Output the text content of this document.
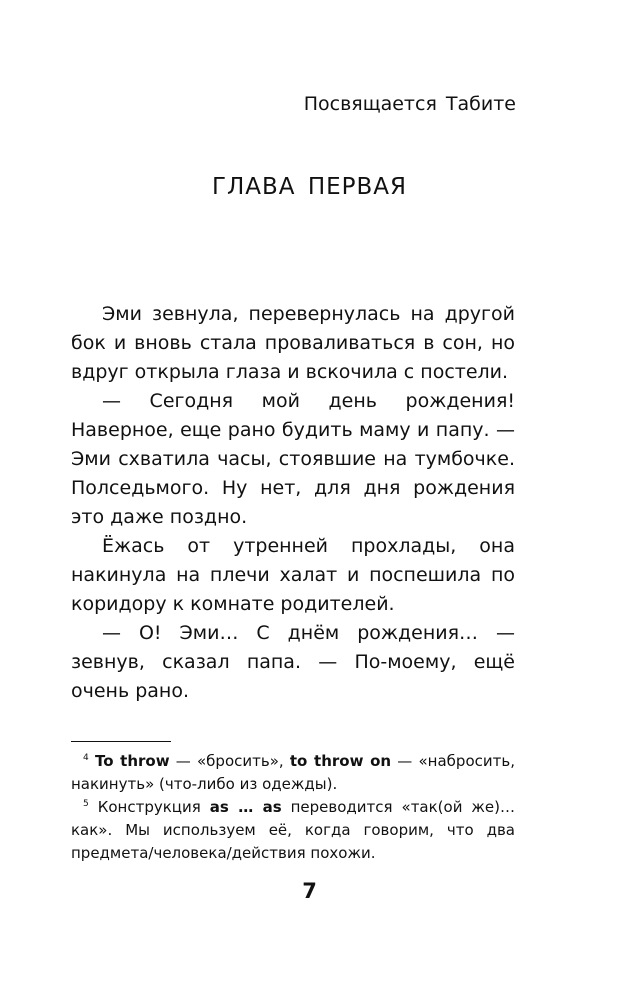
Посвящается Табите
ГЛАВА ПЕРВАЯ

Эми зевнула, перевернулась на другой бок и вновь стала проваливаться в сон, но вдруг открыла глаза и вскочила с постели.

— Сегодня мой день рождения! Наверное, еще рано будить маму и папу. — Эми схватила часы, стоявшие на тумбочке. Полседьмого. Ну нет, для дня рождения это даже поздно.

Ёжась от утренней прохлады, она накинула на плечи халат и поспешила по коридору к комнате родителей.

— О! Эми… С днём рождения… — зевнув, сказал папа. — По-моему, ещё очень рано.

$^4$ To throw — «бросить», to throw on — «набросить, накинуть» (что-либо из одежды).

$^5$ Конструкция as … as переводится «так(ой же)… как». Мы используем её, когда говорим, что два предмета/человека/действия похожи.

7
